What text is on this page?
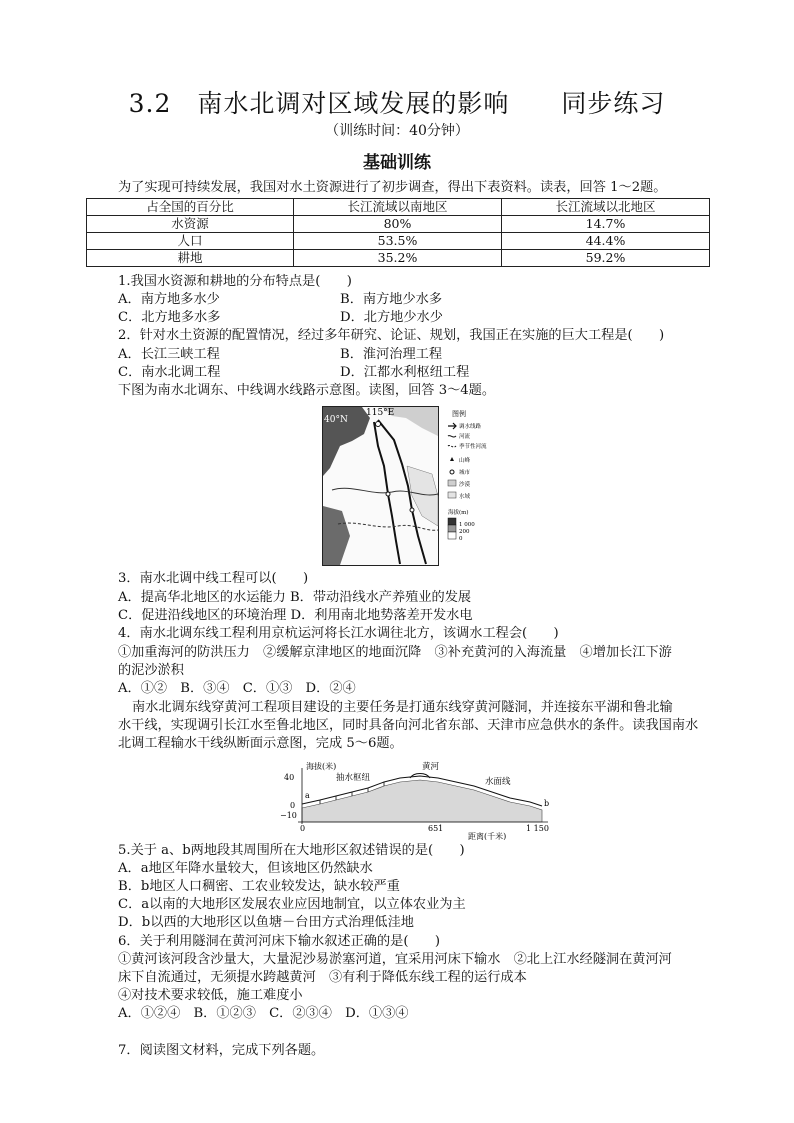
3.2　南水北调对区域发展的影响　　同步练习
（训练时间：40分钟）
基础训练
为了实现可持续发展，我国对水土资源进行了初步调查，得出下表资料。读表，回答 1～2题。
占全国的百分比	长江流域以南地区	长江流域以北地区
水资源	80%	14.7%
人口	53.5%	44.4%
耕地	35.2%	59.2%
1.我国水资源和耕地的分布特点是(　　)
A．南方地多水少	B．南方地少水多
C．北方地多水多	D．北方地少水少
2．针对水土资源的配置情况，经过多年研究、论证、规划，我国正在实施的巨大工程是(　　)
A．长江三峡工程	B．淮河治理工程
C．南水北调工程	D．江都水利枢纽工程
下图为南水北调东、中线调水线路示意图。读图，回答 3～4题。
115°E
40°N
图例
调水线路
河流
季节性河流
山峰
城市
沙漠
水域
海拔(m)
1 000
200
0
3．南水北调中线工程可以(　　)
A．提高华北地区的水运能力 B．带动沿线水产养殖业的发展
C．促进沿线地区的环境治理 D．利用南北地势落差开发水电
4．南水北调东线工程利用京杭运河将长江水调往北方，该调水工程会(　　)
①加重海河的防洪压力　②缓解京津地区的地面沉降　③补充黄河的入海流量　④增加长江下游
的泥沙淤积
A．①②　B．③④　C．①③　D．②④
南水北调东线穿黄河工程项目建设的主要任务是打通东线穿黄河隧洞，并连接东平湖和鲁北输
水干线，实现调引长江水至鲁北地区，同时具备向河北省东部、天津市应急供水的条件。读我国南水
北调工程输水干线纵断面示意图，完成 5～6题。
海拔(米)
40
0
−10
0	651	1 150
距离(千米)
抽水枢纽
黄河
水面线
a
b
5.关于 a、b两地段其周围所在大地形区叙述错误的是(　　)
A．a地区年降水量较大，但该地区仍然缺水
B．b地区人口稠密、工农业较发达，缺水较严重
C．a以南的大地形区发展农业应因地制宜，以立体农业为主
D．b以西的大地形区以鱼塘－台田方式治理低洼地
6．关于利用隧洞在黄河河床下输水叙述正确的是(　　)
①黄河该河段含沙量大，大量泥沙易淤塞河道，宜采用河床下输水　②北上江水经隧洞在黄河河
床下自流通过，无须提水跨越黄河　③有利于降低东线工程的运行成本
④对技术要求较低，施工难度小
A．①②④　B．①②③　C．②③④　D．①③④
7．阅读图文材料，完成下列各题。
